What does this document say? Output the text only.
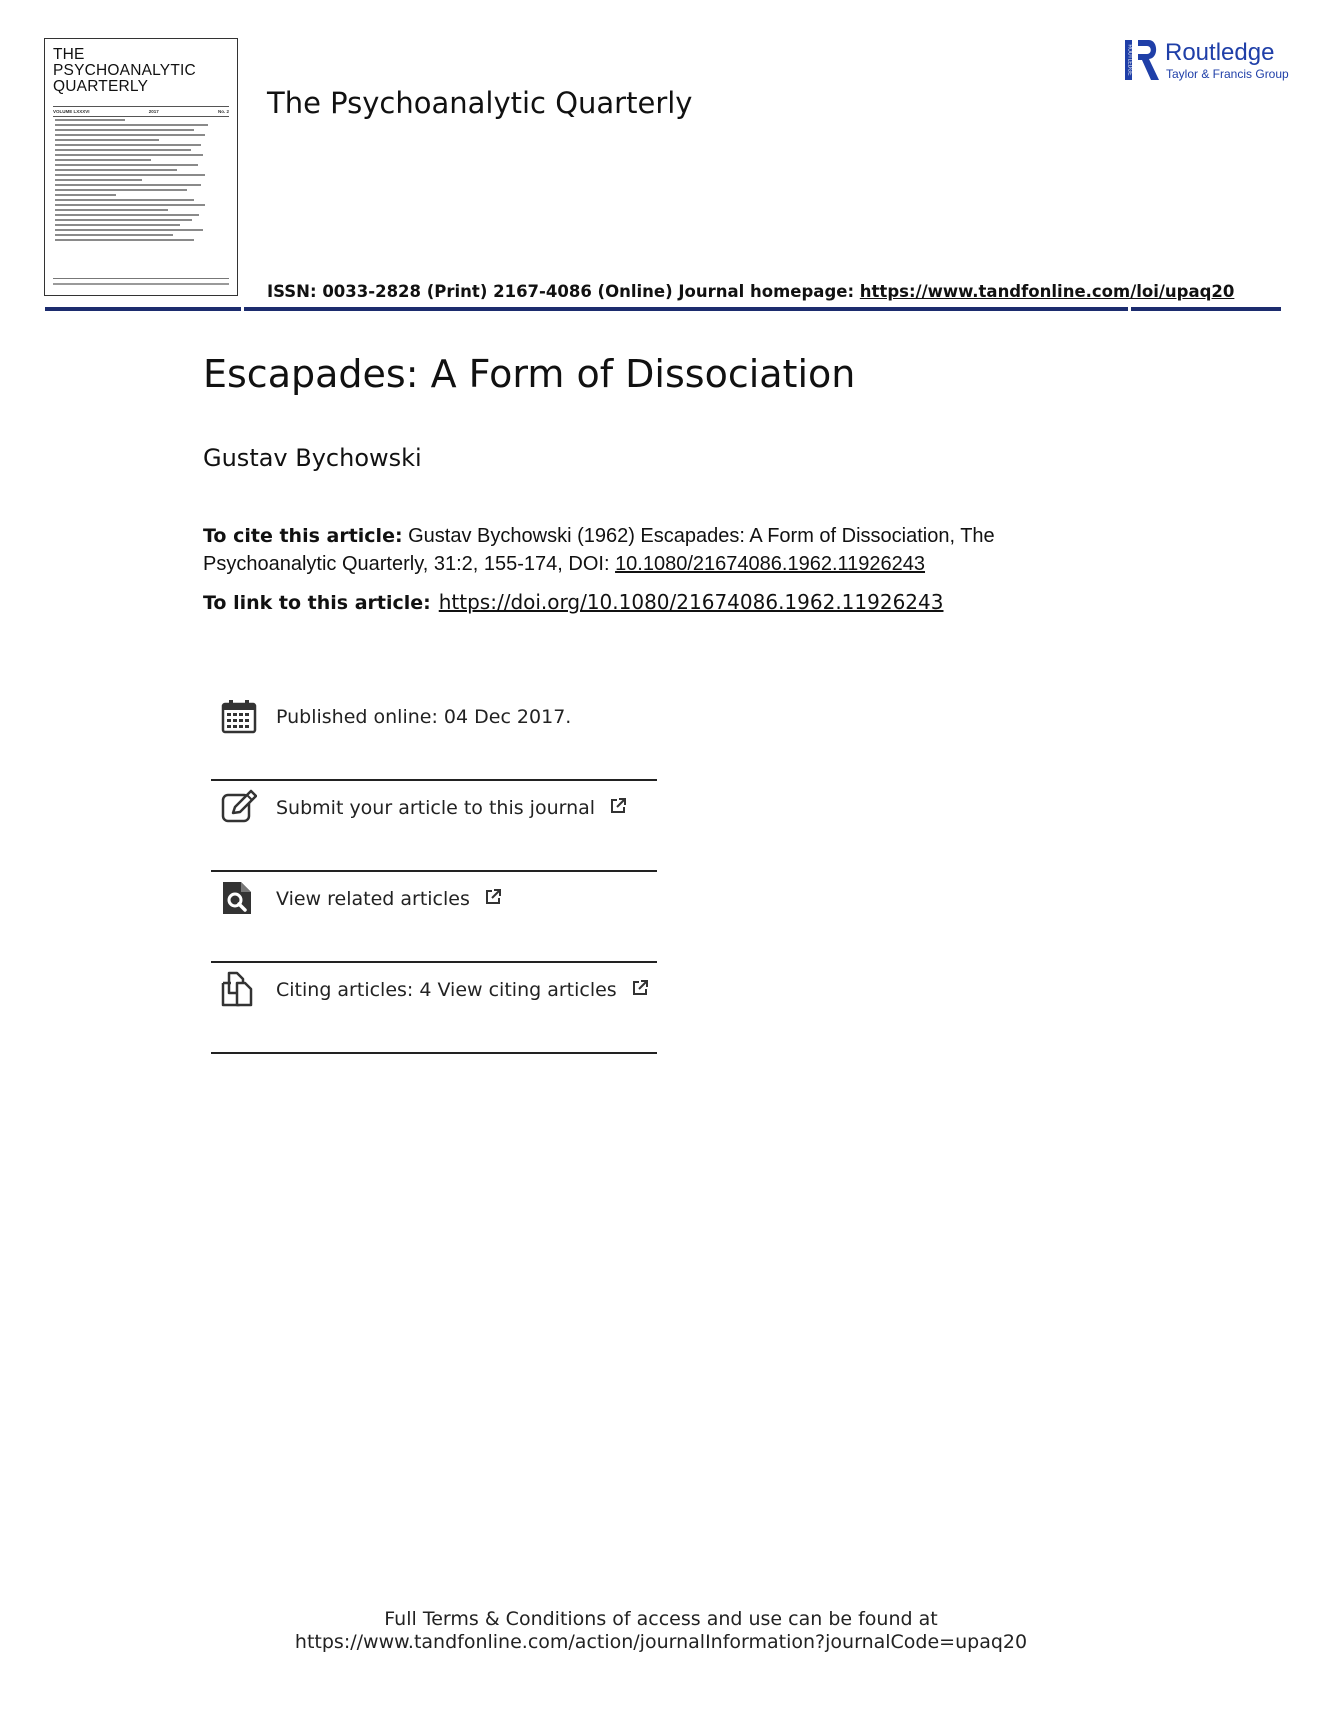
THE
PSYCHOANALYTIC
QUARTERLY
VOLUME LXXXVI	2017	No. 2 The Psychoanalytic Quarterly
ISSN: 0033-2828 (Print) 2167-4086 (Online) Journal homepage: https://www.tandfonline.com/loi/upaq20
ROUTLEDGE Routledge
Taylor & Francis Group
Escapades: A Form of Dissociation
Gustav Bychowski
To cite this article: Gustav Bychowski (1962) Escapades: A Form of Dissociation, The Psychoanalytic Quarterly, 31:2, 155-174, DOI: 10.1080/21674086.1962.11926243
To link to this article: https://doi.org/10.1080/21674086.1962.11926243
Published online: 04 Dec 2017.
Submit your article to this journal
View related articles
Citing articles: 4 View citing articles
Full Terms & Conditions of access and use can be found at
https://www.tandfonline.com/action/journalInformation?journalCode=upaq20
